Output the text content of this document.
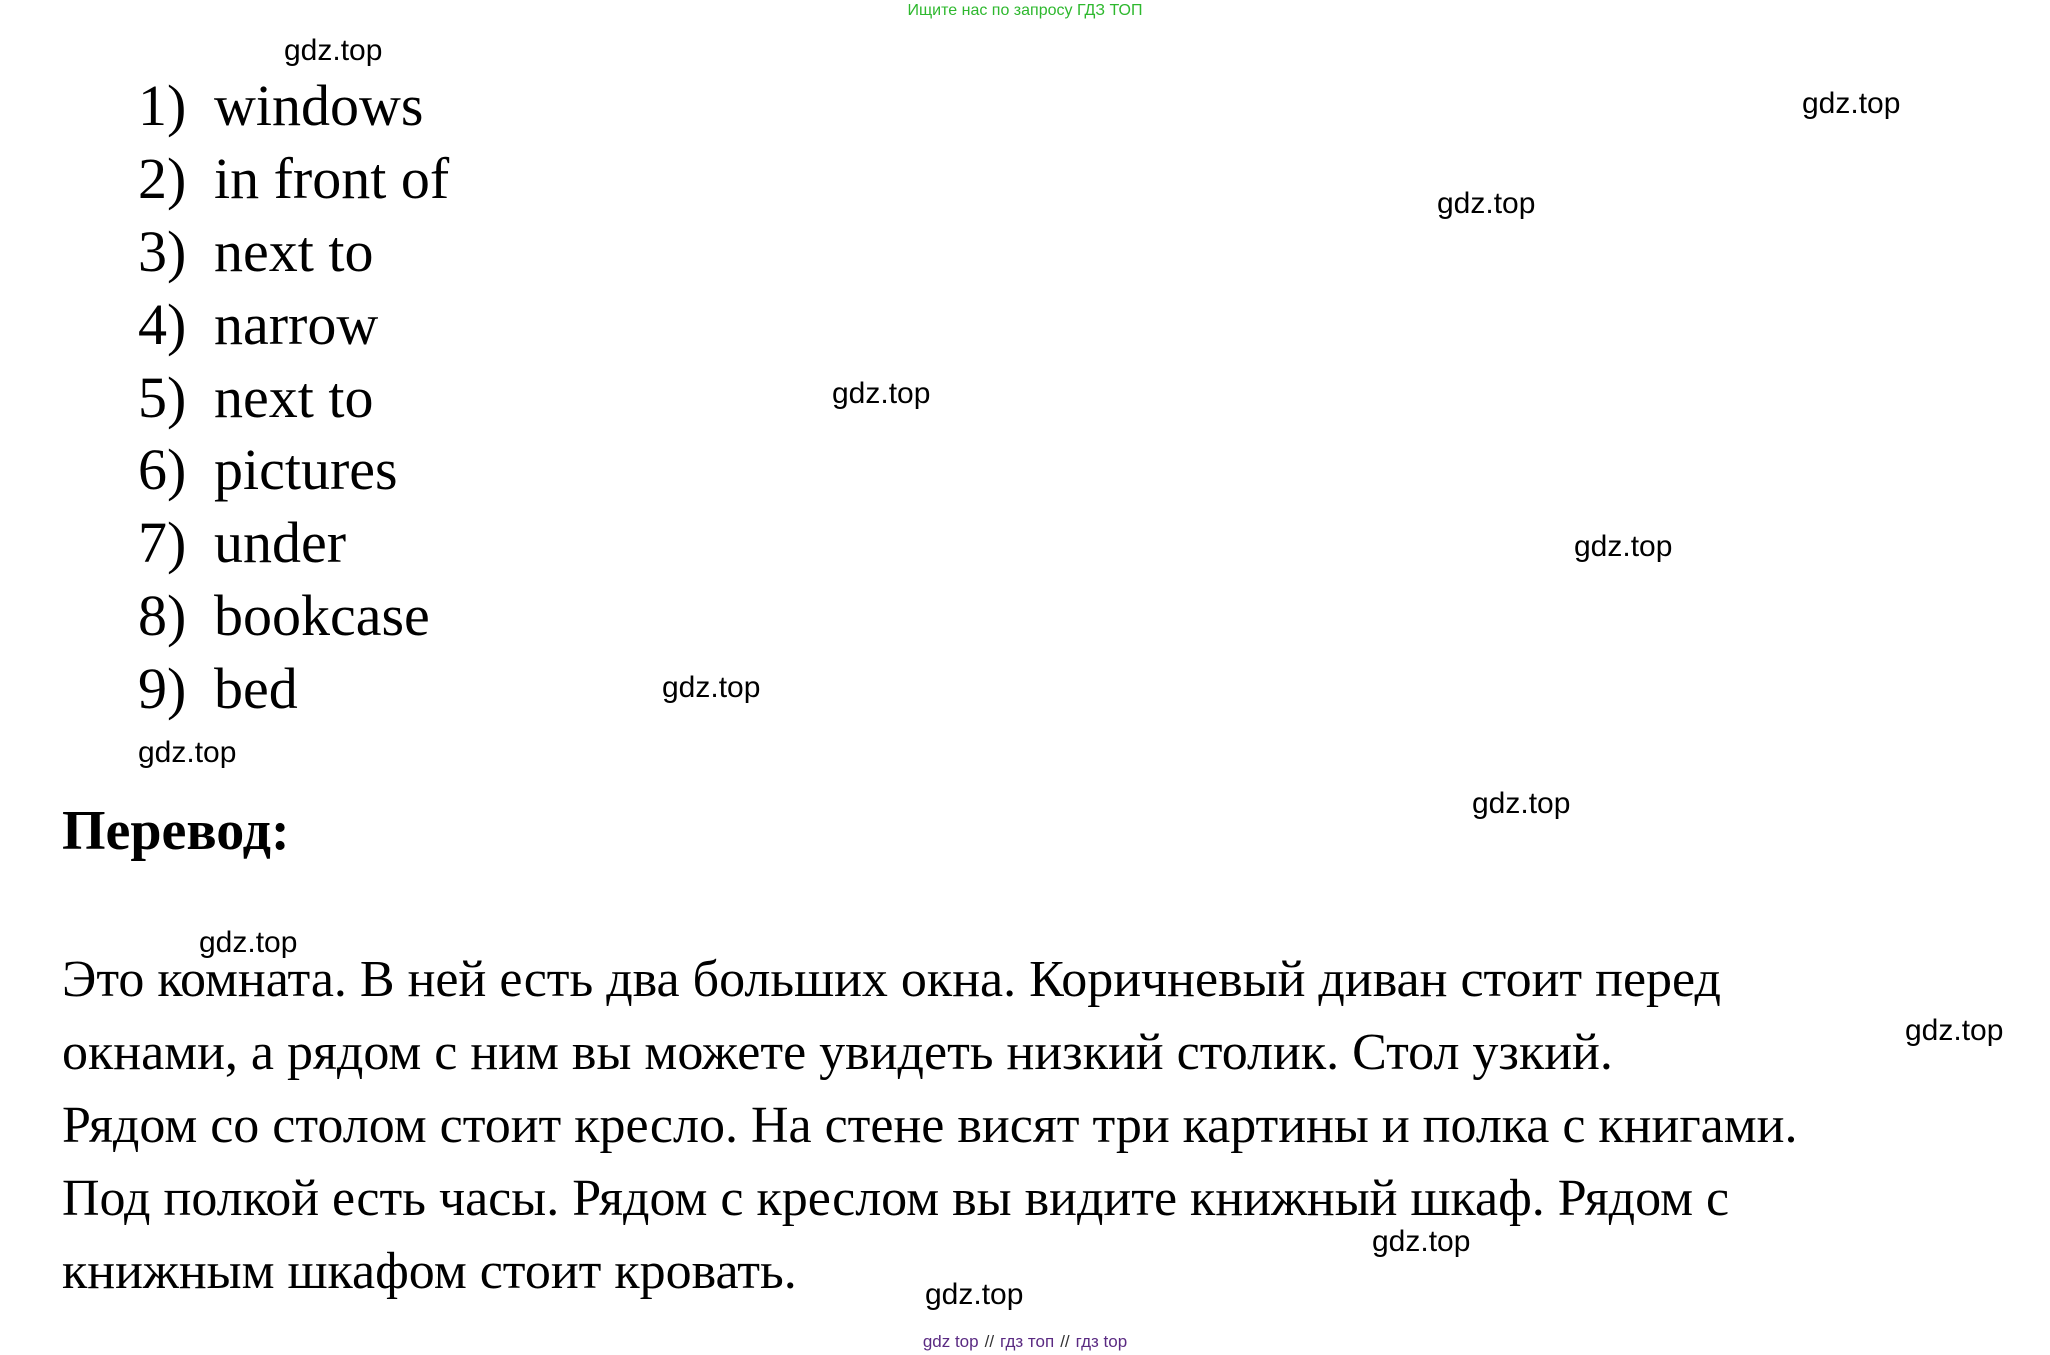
Ищите нас по запросу ГДЗ ТОП
1) windows
2) in front of
3) next to
4) narrow
5) next to
6) pictures
7) under
8) bookcase
9) bed
Перевод:
Это комната. В ней есть два больших окна. Коричневый диван стоит перед
окнами, а рядом с ним вы можете увидеть низкий столик. Стол узкий.
Рядом со столом стоит кресло. На стене висят три картины и полка с книгами.
Под полкой есть часы. Рядом с креслом вы видите книжный шкаф. Рядом с
книжным шкафом стоит кровать.
gdz.top
gdz.top
gdz.top
gdz.top
gdz.top
gdz.top
gdz.top
gdz.top
gdz.top
gdz.top
gdz.top
gdz.top
gdz top // гдз топ // гдз top
